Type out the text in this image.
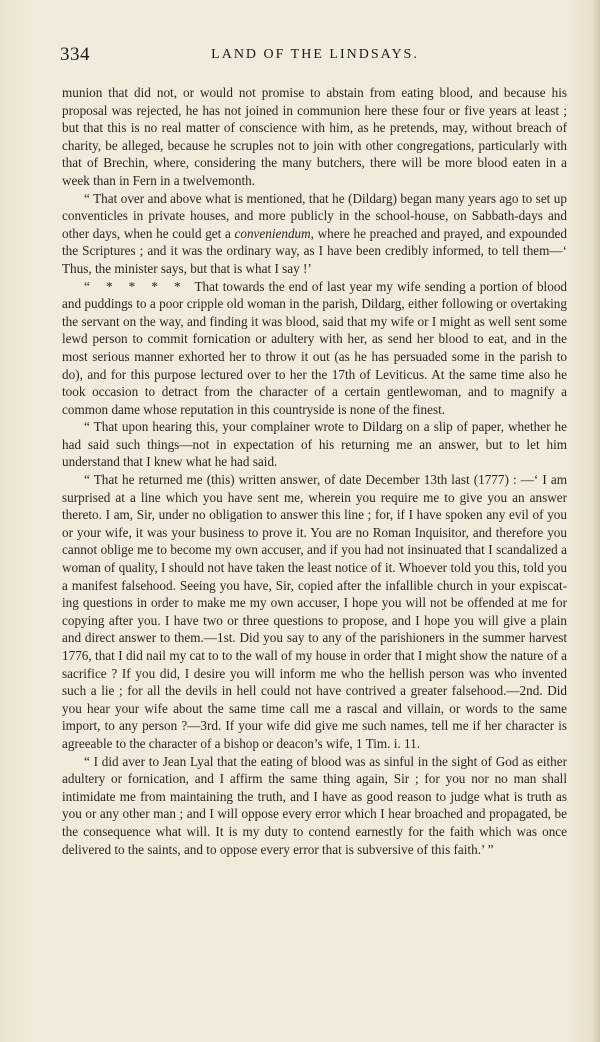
334	LAND OF THE LINDSAYS.

munion that did not, or would not promise to abstain from eating blood, and because his proposal was rejected, he has not joined in communion here these four or five years at least ; but that this is no real matter of conscience with him, as he pretends, may, without breach of charity, be alleged, because he scruples not to join with other congregations, particularly with that of Brechin, where, considering the many butchers, there will be more blood eaten in a week than in Fern in a twelvemonth.

“ That over and above what is mentioned, that he (Dildarg) began many years ago to set up conventicles in private houses, and more publicly in the school-house, on Sabbath-days and other days, when he could get a conveniendum, where he preached and prayed, and expounded the Scriptures ; and it was the ordinary way, as I have been credibly informed, to tell them—‘ Thus, the minister says, but that is what I say !’

“ * * * * That towards the end of last year my wife sending a portion of blood and puddings to a poor cripple old woman in the parish, Dildarg, either following or overtaking the servant on the way, and finding it was blood, said that my wife or I might as well sent some lewd person to commit fornication or adultery with her, as send her blood to eat, and in the most serious manner exhorted her to throw it out (as he has persuaded some in the parish to do), and for this purpose lectured over to her the 17th of Leviticus. At the same time also he took occasion to detract from the character of a certain gentlewoman, and to magnify a common dame whose reputation in this countryside is none of the finest.

“ That upon hearing this, your complainer wrote to Dildarg on a slip of paper, whether he had said such things—not in expectation of his returning me an answer, but to let him understand that I knew what he had said.

“ That he returned me (this) written answer, of date December 13th last (1777) : —‘ I am surprised at a line which you have sent me, wherein you require me to give you an answer thereto. I am, Sir, under no obligation to answer this line ; for, if I have spoken any evil of you or your wife, it was your business to prove it. You are no Roman Inquisitor, and therefore you cannot oblige me to become my own accuser, and if you had not insinuated that I scandalized a woman of quality, I should not have taken the least notice of it. Whoever told you this, told you a manifest falsehood. Seeing you have, Sir, copied after the infallible church in your expiscat-ing questions in order to make me my own accuser, I hope you will not be offended at me for copying after you. I have two or three questions to propose, and I hope you will give a plain and direct answer to them.—1st. Did you say to any of the parishioners in the summer harvest 1776, that I did nail my cat to to the wall of my house in order that I might show the nature of a sacrifice ? If you did, I desire you will inform me who the hellish person was who invented such a lie ; for all the devils in hell could not have contrived a greater falsehood.—2nd. Did you hear your wife about the same time call me a rascal and villain, or words to the same import, to any person ?—3rd. If your wife did give me such names, tell me if her character is agreeable to the character of a bishop or deacon’s wife, 1 Tim. i. 11.

“ I did aver to Jean Lyal that the eating of blood was as sinful in the sight of God as either adultery or fornication, and I affirm the same thing again, Sir ; for you nor no man shall intimidate me from maintaining the truth, and I have as good reason to judge what is truth as you or any other man ; and I will oppose every error which I hear broached and propagated, be the consequence what will. It is my duty to contend earnestly for the faith which was once delivered to the saints, and to oppose every error that is subversive of this faith.’ ”
